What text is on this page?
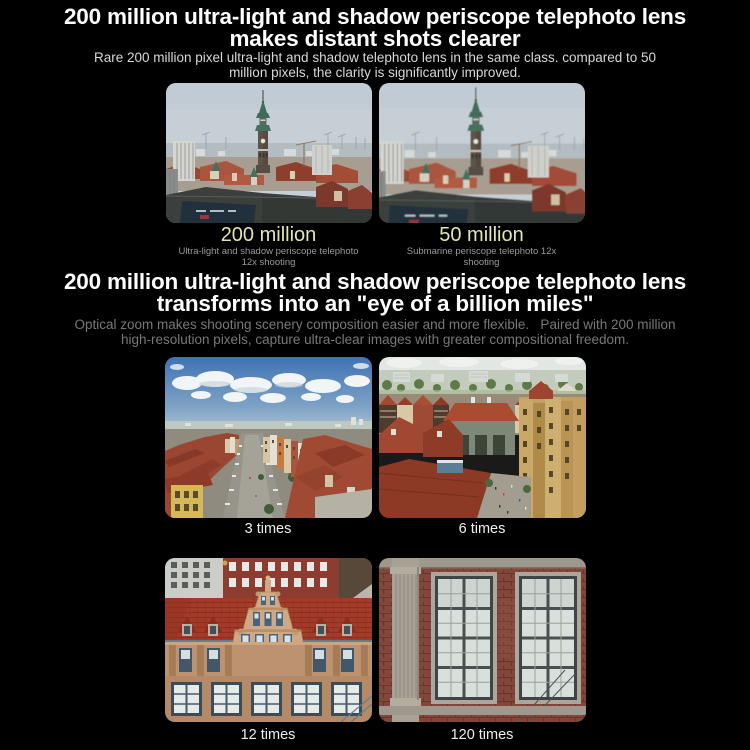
200 million ultra-light and shadow periscope telephoto lens
makes distant shots clearer
Rare 200 million pixel ultra-light and shadow telephoto lens in the same class. compared to 50
million pixels, the clarity is significantly improved.
200 million
Ultra-light and shadow periscope telephoto
12x shooting
50 million
Submarine periscope telephoto 12x
shooting
200 million ultra-light and shadow periscope telephoto lens
transforms into an "eye of a billion miles"
Optical zoom makes shooting scenery composition easier and more flexible.   Paired with 200 million
high-resolution pixels, capture ultra-clear images with greater compositional freedom.
3 times	6 times
12 times	120 times
